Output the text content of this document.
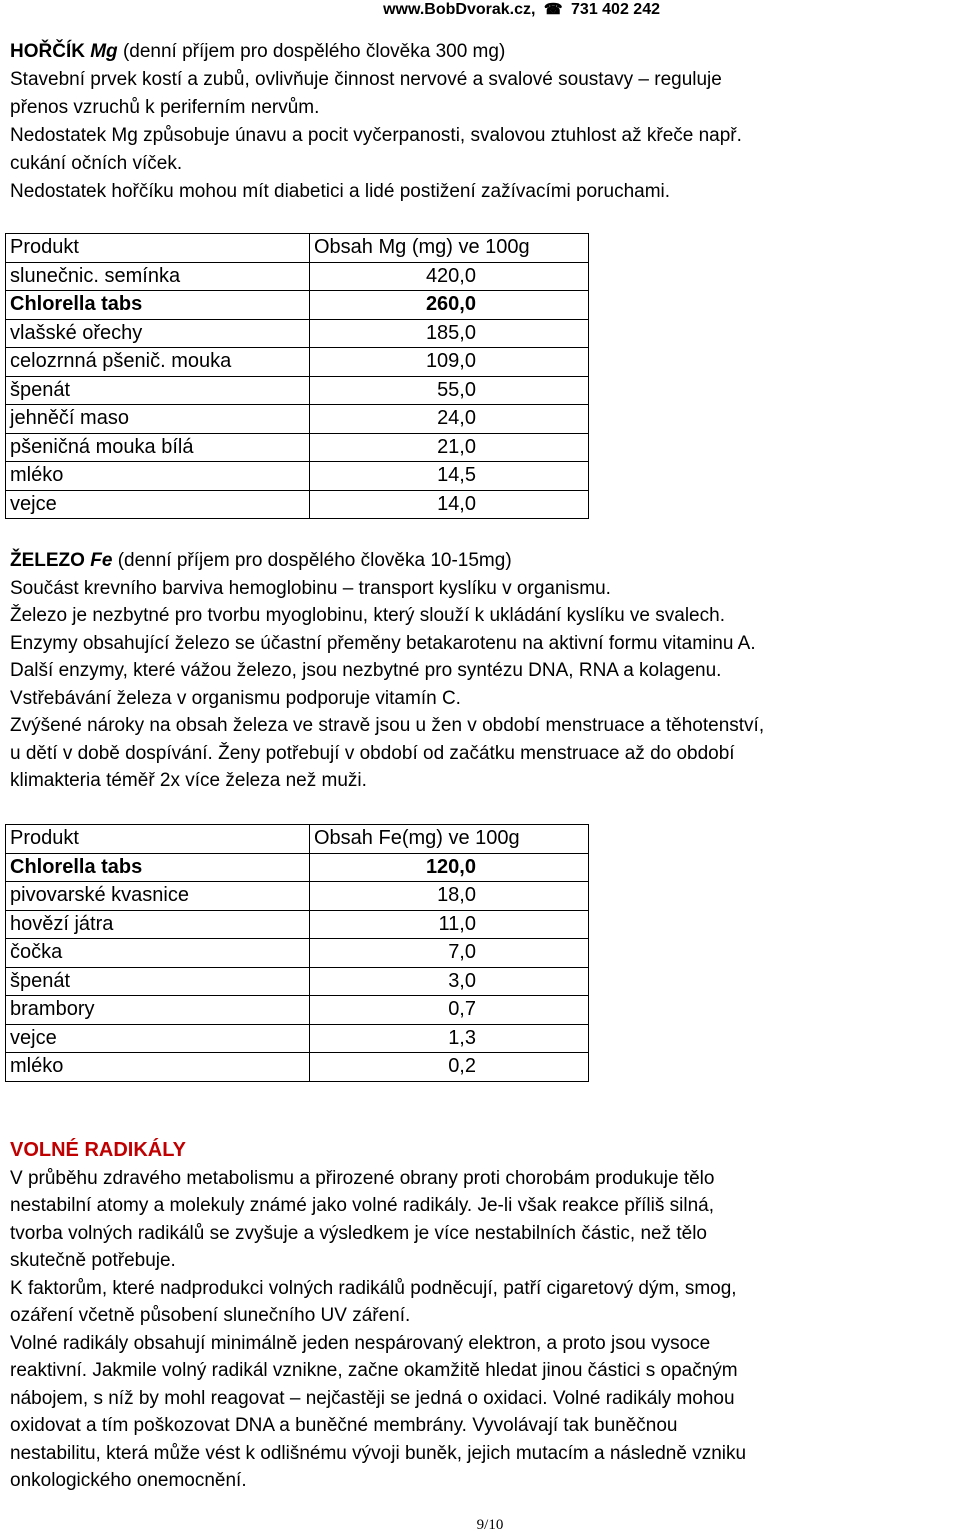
www.BobDvorak.cz, ☎ 731 402 242

HOŘČÍK Mg (denní příjem pro dospělého člověka 300 mg)

Stavební prvek kostí a zubů, ovlivňuje činnost nervové a svalové soustavy – reguluje

přenos vzruchů k periferním nervům.

Nedostatek Mg způsobuje únavu a pocit vyčerpanosti, svalovou ztuhlost až křeče např.

cukání očních víček.

Nedostatek hořčíku mohou mít diabetici a lidé postižení zažívacími poruchami.

Produkt	Obsah Mg (mg) ve 100g
slunečnic. semínka	420,0
Chlorella tabs	260,0
vlašské ořechy	185,0
celozrnná pšenič. mouka	109,0
špenát	55,0
jehněčí maso	24,0
pšeničná mouka bílá	21,0
mléko	14,5
vejce	14,0

ŽELEZO Fe (denní příjem pro dospělého člověka 10-15mg)

Součást krevního barviva hemoglobinu – transport kyslíku v organismu.

Železo je nezbytné pro tvorbu myoglobinu, který slouží k ukládání kyslíku ve svalech.

Enzymy obsahující železo se účastní přeměny betakarotenu na aktivní formu vitaminu A.

Další enzymy, které vážou železo, jsou nezbytné pro syntézu DNA, RNA a kolagenu.

Vstřebávání železa v organismu podporuje vitamín C.

Zvýšené nároky na obsah železa ve stravě jsou u žen v období menstruace a těhotenství,

u dětí v době dospívání. Ženy potřebují v období od začátku menstruace až do období

klimakteria téměř 2x více železa než muži.

Produkt	Obsah Fe(mg) ve 100g
Chlorella tabs	120,0
pivovarské kvasnice	18,0
hovězí játra	11,0
čočka	7,0
špenát	3,0
brambory	0,7
vejce	1,3
mléko	0,2

VOLNÉ RADIKÁLY

V průběhu zdravého metabolismu a přirozené obrany proti chorobám produkuje tělo

nestabilní atomy a molekuly známé jako volné radikály. Je-li však reakce příliš silná,

tvorba volných radikálů se zvyšuje a výsledkem je více nestabilních částic, než tělo

skutečně potřebuje.

K faktorům, které nadprodukci volných radikálů podněcují, patří cigaretový dým, smog,

ozáření včetně působení slunečního UV záření.

Volné radikály obsahují minimálně jeden nespárovaný elektron, a proto jsou vysoce

reaktivní. Jakmile volný radikál vznikne, začne okamžitě hledat jinou částici s opačným

nábojem, s níž by mohl reagovat – nejčastěji se jedná o oxidaci. Volné radikály mohou

oxidovat a tím poškozovat DNA a buněčné membrány. Vyvolávají tak buněčnou

nestabilitu, která může vést k odlišnému vývoji buněk, jejich mutacím a následně vzniku

onkologického onemocnění.

9/10
